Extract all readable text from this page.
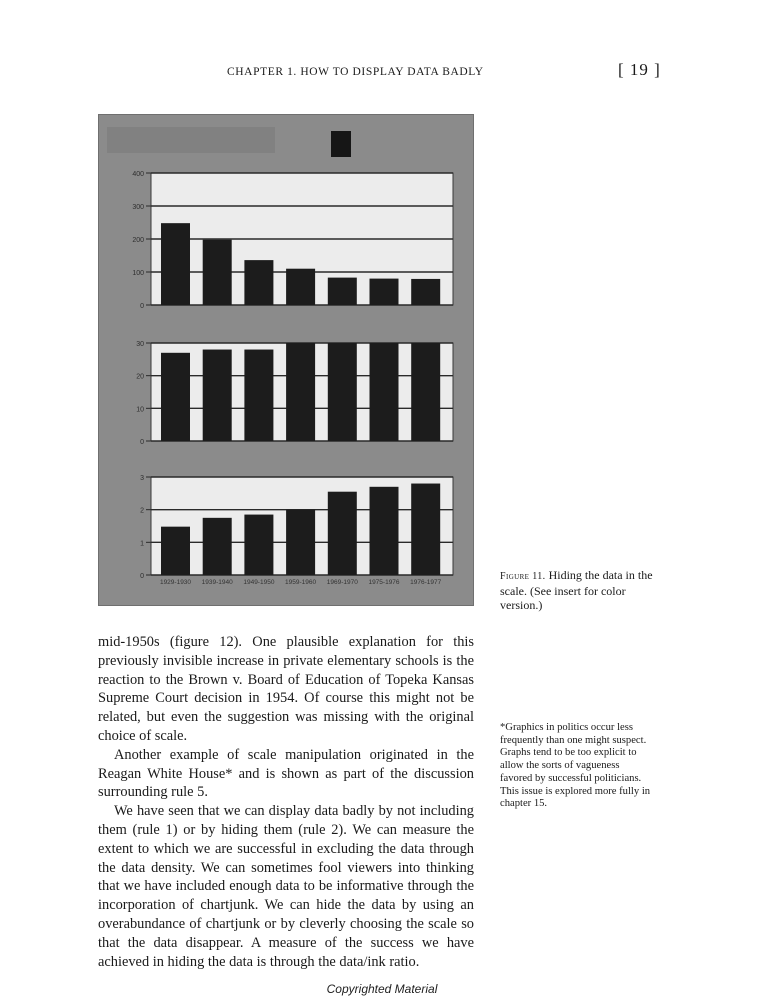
CHAPTER 1. HOW TO DISPLAY DATA BADLY	[ 19 ]
0
100
200
300
400
0
10
20
30
0
1
2
3
1929-1930 1939-1940 1949-1950 1959-1960 1969-1970 1975-1976 1976-1977
Figure 11. Hiding the data in the scale. (See insert for color version.)

mid-1950s (figure 12). One plausible explanation for this previously invisible increase in private elementary schools is the reaction to the Brown v. Board of Education of Topeka Kansas Supreme Court decision in 1954. Of course this might not be related, but even the suggestion was missing with the original choice of scale.

Another example of scale manipulation originated in the Reagan White House* and is shown as part of the discussion surrounding rule 5.

We have seen that we can display data badly by not including them (rule 1) or by hiding them (rule 2). We can measure the extent to which we are successful in excluding the data through the data density. We can sometimes fool viewers into thinking that we have included enough data to be informative through the incorporation of chartjunk. We can hide the data by using an overabundance of chartjunk or by cleverly choosing the scale so that the data disappear. A measure of the success we have achieved in hiding the data is through the data/ink ratio.

*Graphics in politics occur less frequently than one might suspect. Graphs tend to be too explicit to allow the sorts of vagueness favored by successful politicians. This issue is explored more fully in chapter 15.
Copyrighted Material
